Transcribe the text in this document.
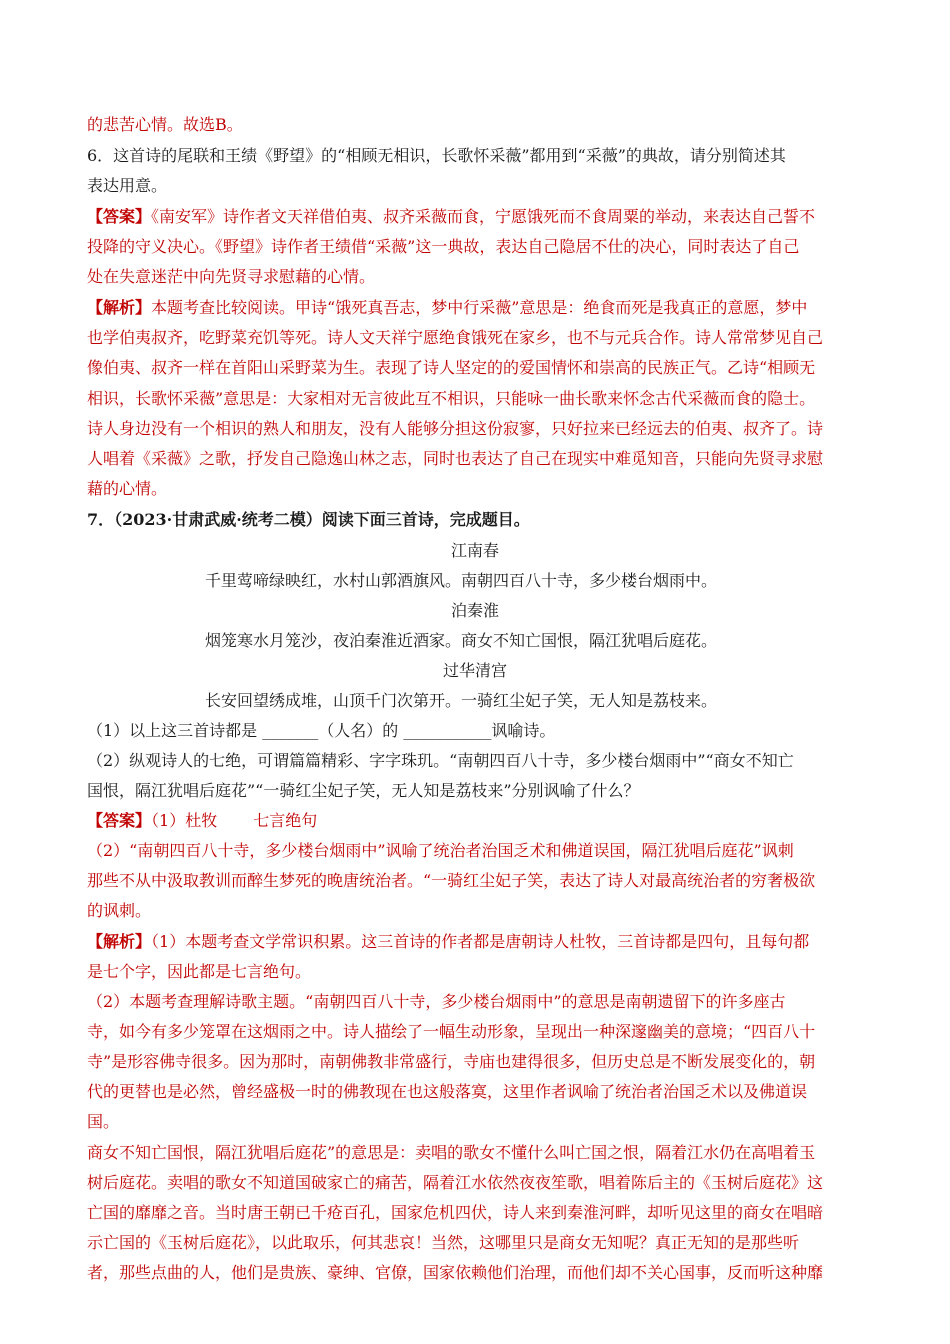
的悲苦心情。故选B。
6．这首诗的尾联和王绩《野望》的“相顾无相识，长歌怀采薇”都用到“采薇”的典故，请分别简述其
表达用意。
【答案】《南安军》诗作者文天祥借伯夷、叔齐采薇而食，宁愿饿死而不食周粟的举动，来表达自己誓不
投降的守义决心。《野望》诗作者王绩借“采薇”这一典故，表达自己隐居不仕的决心，同时表达了自己
处在失意迷茫中向先贤寻求慰藉的心情。
【解析】本题考查比较阅读。甲诗“饿死真吾志，梦中行采薇”意思是：绝食而死是我真正的意愿，梦中
也学伯夷叔齐，吃野菜充饥等死。诗人文天祥宁愿绝食饿死在家乡，也不与元兵合作。诗人常常梦见自己
像伯夷、叔齐一样在首阳山采野菜为生。表现了诗人坚定的的爱国情怀和崇高的民族正气。乙诗“相顾无
相识，长歌怀采薇”意思是：大家相对无言彼此互不相识，只能咏一曲长歌来怀念古代采薇而食的隐士。
诗人身边没有一个相识的熟人和朋友，没有人能够分担这份寂寥，只好拉来已经远去的伯夷、叔齐了。诗
人唱着《采薇》之歌，抒发自己隐逸山林之志，同时也表达了自己在现实中难觅知音，只能向先贤寻求慰
藉的心情。
7．（2023·甘肃武威·统考二模）阅读下面三首诗，完成题目。
江南春
千里莺啼绿映红，水村山郭酒旗风。南朝四百八十寺，多少楼台烟雨中。
泊秦淮
烟笼寒水月笼沙，夜泊秦淮近酒家。商女不知亡国恨，隔江犹唱后庭花。
过华清宫
长安回望绣成堆，山顶千门次第开。一骑红尘妃子笑，无人知是荔枝来。
（1）以上这三首诗都是 _______（人名）的 ___________讽喻诗。
（2）纵观诗人的七绝，可谓篇篇精彩、字字珠玑。“南朝四百八十寺，多少楼台烟雨中”“商女不知亡
国恨，隔江犹唱后庭花”“一骑红尘妃子笑，无人知是荔枝来”分别讽喻了什么？
【答案】（1）杜牧 七言绝句
（2）“南朝四百八十寺，多少楼台烟雨中”讽喻了统治者治国乏术和佛道误国，隔江犹唱后庭花”讽刺
那些不从中汲取教训而醉生梦死的晚唐统治者。“一骑红尘妃子笑，表达了诗人对最高统治者的穷奢极欲
的讽刺。
【解析】（1）本题考查文学常识积累。这三首诗的作者都是唐朝诗人杜牧，三首诗都是四句，且每句都
是七个字，因此都是七言绝句。
（2）本题考查理解诗歌主题。“南朝四百八十寺，多少楼台烟雨中”的意思是南朝遗留下的许多座古
寺，如今有多少笼罩在这烟雨之中。诗人描绘了一幅生动形象，呈现出一种深邃幽美的意境；“四百八十
寺”是形容佛寺很多。因为那时，南朝佛教非常盛行，寺庙也建得很多，但历史总是不断发展变化的，朝
代的更替也是必然，曾经盛极一时的佛教现在也这般落寞，这里作者讽喻了统治者治国乏术以及佛道误
国。
商女不知亡国恨，隔江犹唱后庭花”的意思是：卖唱的歌女不懂什么叫亡国之恨，隔着江水仍在高唱着玉
树后庭花。卖唱的歌女不知道国破家亡的痛苦，隔着江水依然夜夜笙歌，唱着陈后主的《玉树后庭花》这
亡国的靡靡之音。当时唐王朝已千疮百孔，国家危机四伏，诗人来到秦淮河畔，却听见这里的商女在唱暗
示亡国的《玉树后庭花》，以此取乐，何其悲哀！当然，这哪里只是商女无知呢？真正无知的是那些听
者，那些点曲的人，他们是贵族、豪绅、官僚，国家依赖他们治理，而他们却不关心国事，反而听这种靡
